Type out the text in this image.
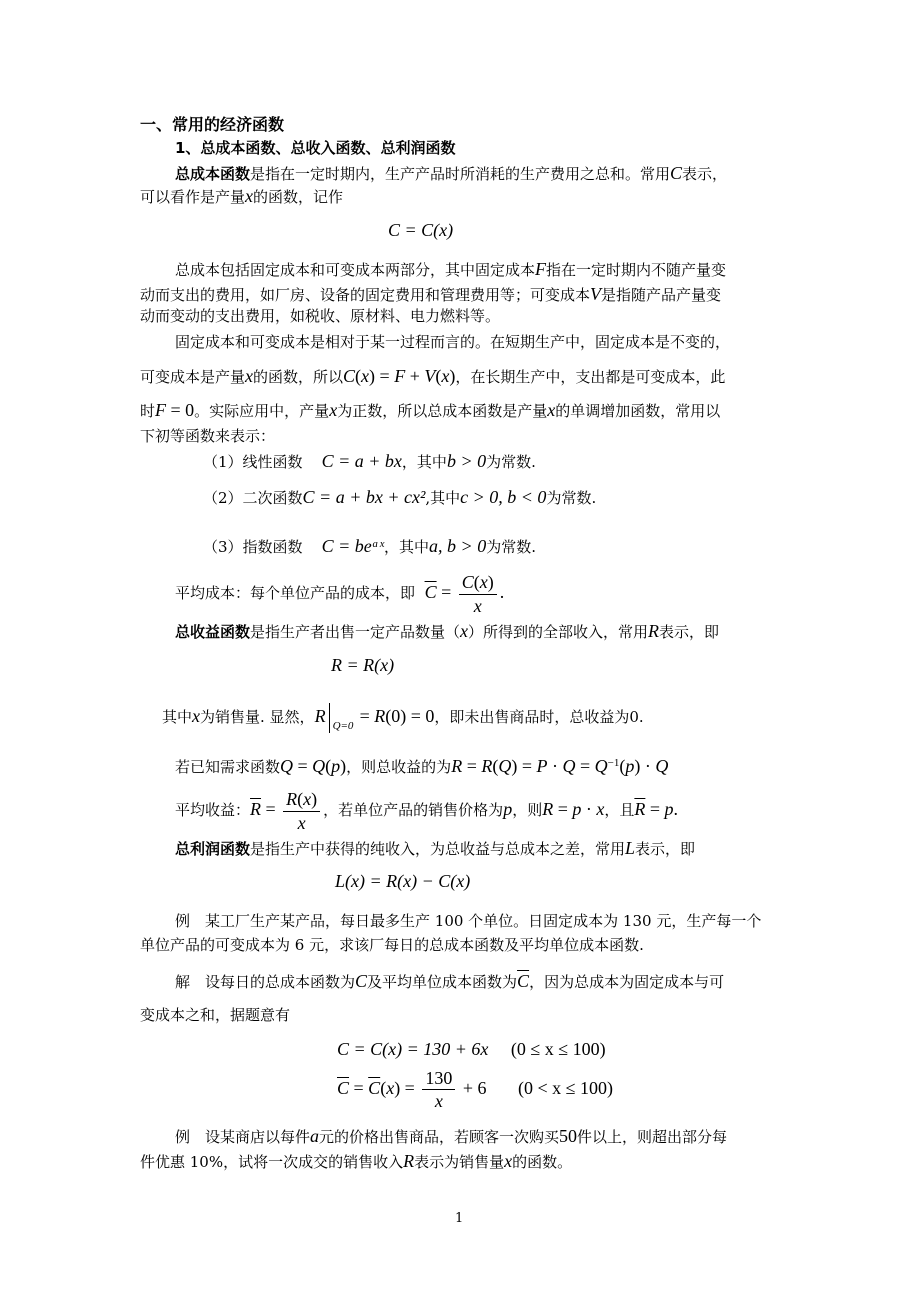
一、常用的经济函数
1、总成本函数、总收入函数、总利润函数
总成本函数是指在一定时期内，生产产品时所消耗的生产费用之总和。常用C表示，
可以看作是产量x的函数，记作
C = C(x)
总成本包括固定成本和可变成本两部分，其中固定成本F指在一定时期内不随产量变
动而支出的费用，如厂房、设备的固定费用和管理费用等；可变成本V是指随产品产量变
动而变动的支出费用，如税收、原材料、电力燃料等。
固定成本和可变成本是相对于某一过程而言的。在短期生产中，固定成本是不变的，
可变成本是产量x的函数，所以C(x) = F + V(x)，在长期生产中，支出都是可变成本，此
时F = 0。实际应用中，产量x为正数，所以总成本函数是产量x的单调增加函数，常用以
下初等函数来表示：
（1）线性函数 C = a + bx，其中b > 0为常数.
（2）二次函数C = a + bx + cx²,其中c > 0, b < 0为常数.
（3）指数函数 C = beᵃˣ，其中a, b > 0为常数.
平均成本：每个单位产品的成本，即 $\overline{C} = \frac{C(x)}{x}$ .
总收益函数是指生产者出售一定产品数量（x）所得到的全部收入，常用R表示，即
R = R(x)
其中x为销售量. 显然，R Q=0 = R(0) = 0，即未出售商品时，总收益为0.
若已知需求函数Q = Q(p)，则总收益的为$R = R(Q) = P \cdot Q = Q^{-1}(p) \cdot Q$
平均收益：$\overline{R} = \frac{R(x)}{x}$ ，若单位产品的销售价格为p，则R = p · x，且$\overline{R} = p$.
总利润函数是指生产中获得的纯收入，为总收益与总成本之差，常用L表示，即
L(x) = R(x) − C(x)
例　某工厂生产某产品，每日最多生产 100 个单位。日固定成本为 130 元，生产每一个
单位产品的可变成本为 6 元，求该厂每日的总成本函数及平均单位成本函数.
解　设每日的总成本函数为C及平均单位成本函数为$\overline{C}$，因为总成本为固定成本与可
变成本之和，据题意有
C = C(x) = 130 + 6x (0 ≤ x ≤ 100)
$\overline{C} = \overline{C}(x) = \frac{130}{x} + 6$       (0 < x ≤ 100)
例　设某商店以每件a元的价格出售商品，若顾客一次购买50件以上，则超出部分每
件优惠 10%，试将一次成交的销售收入R表示为销售量x的函数。
1
